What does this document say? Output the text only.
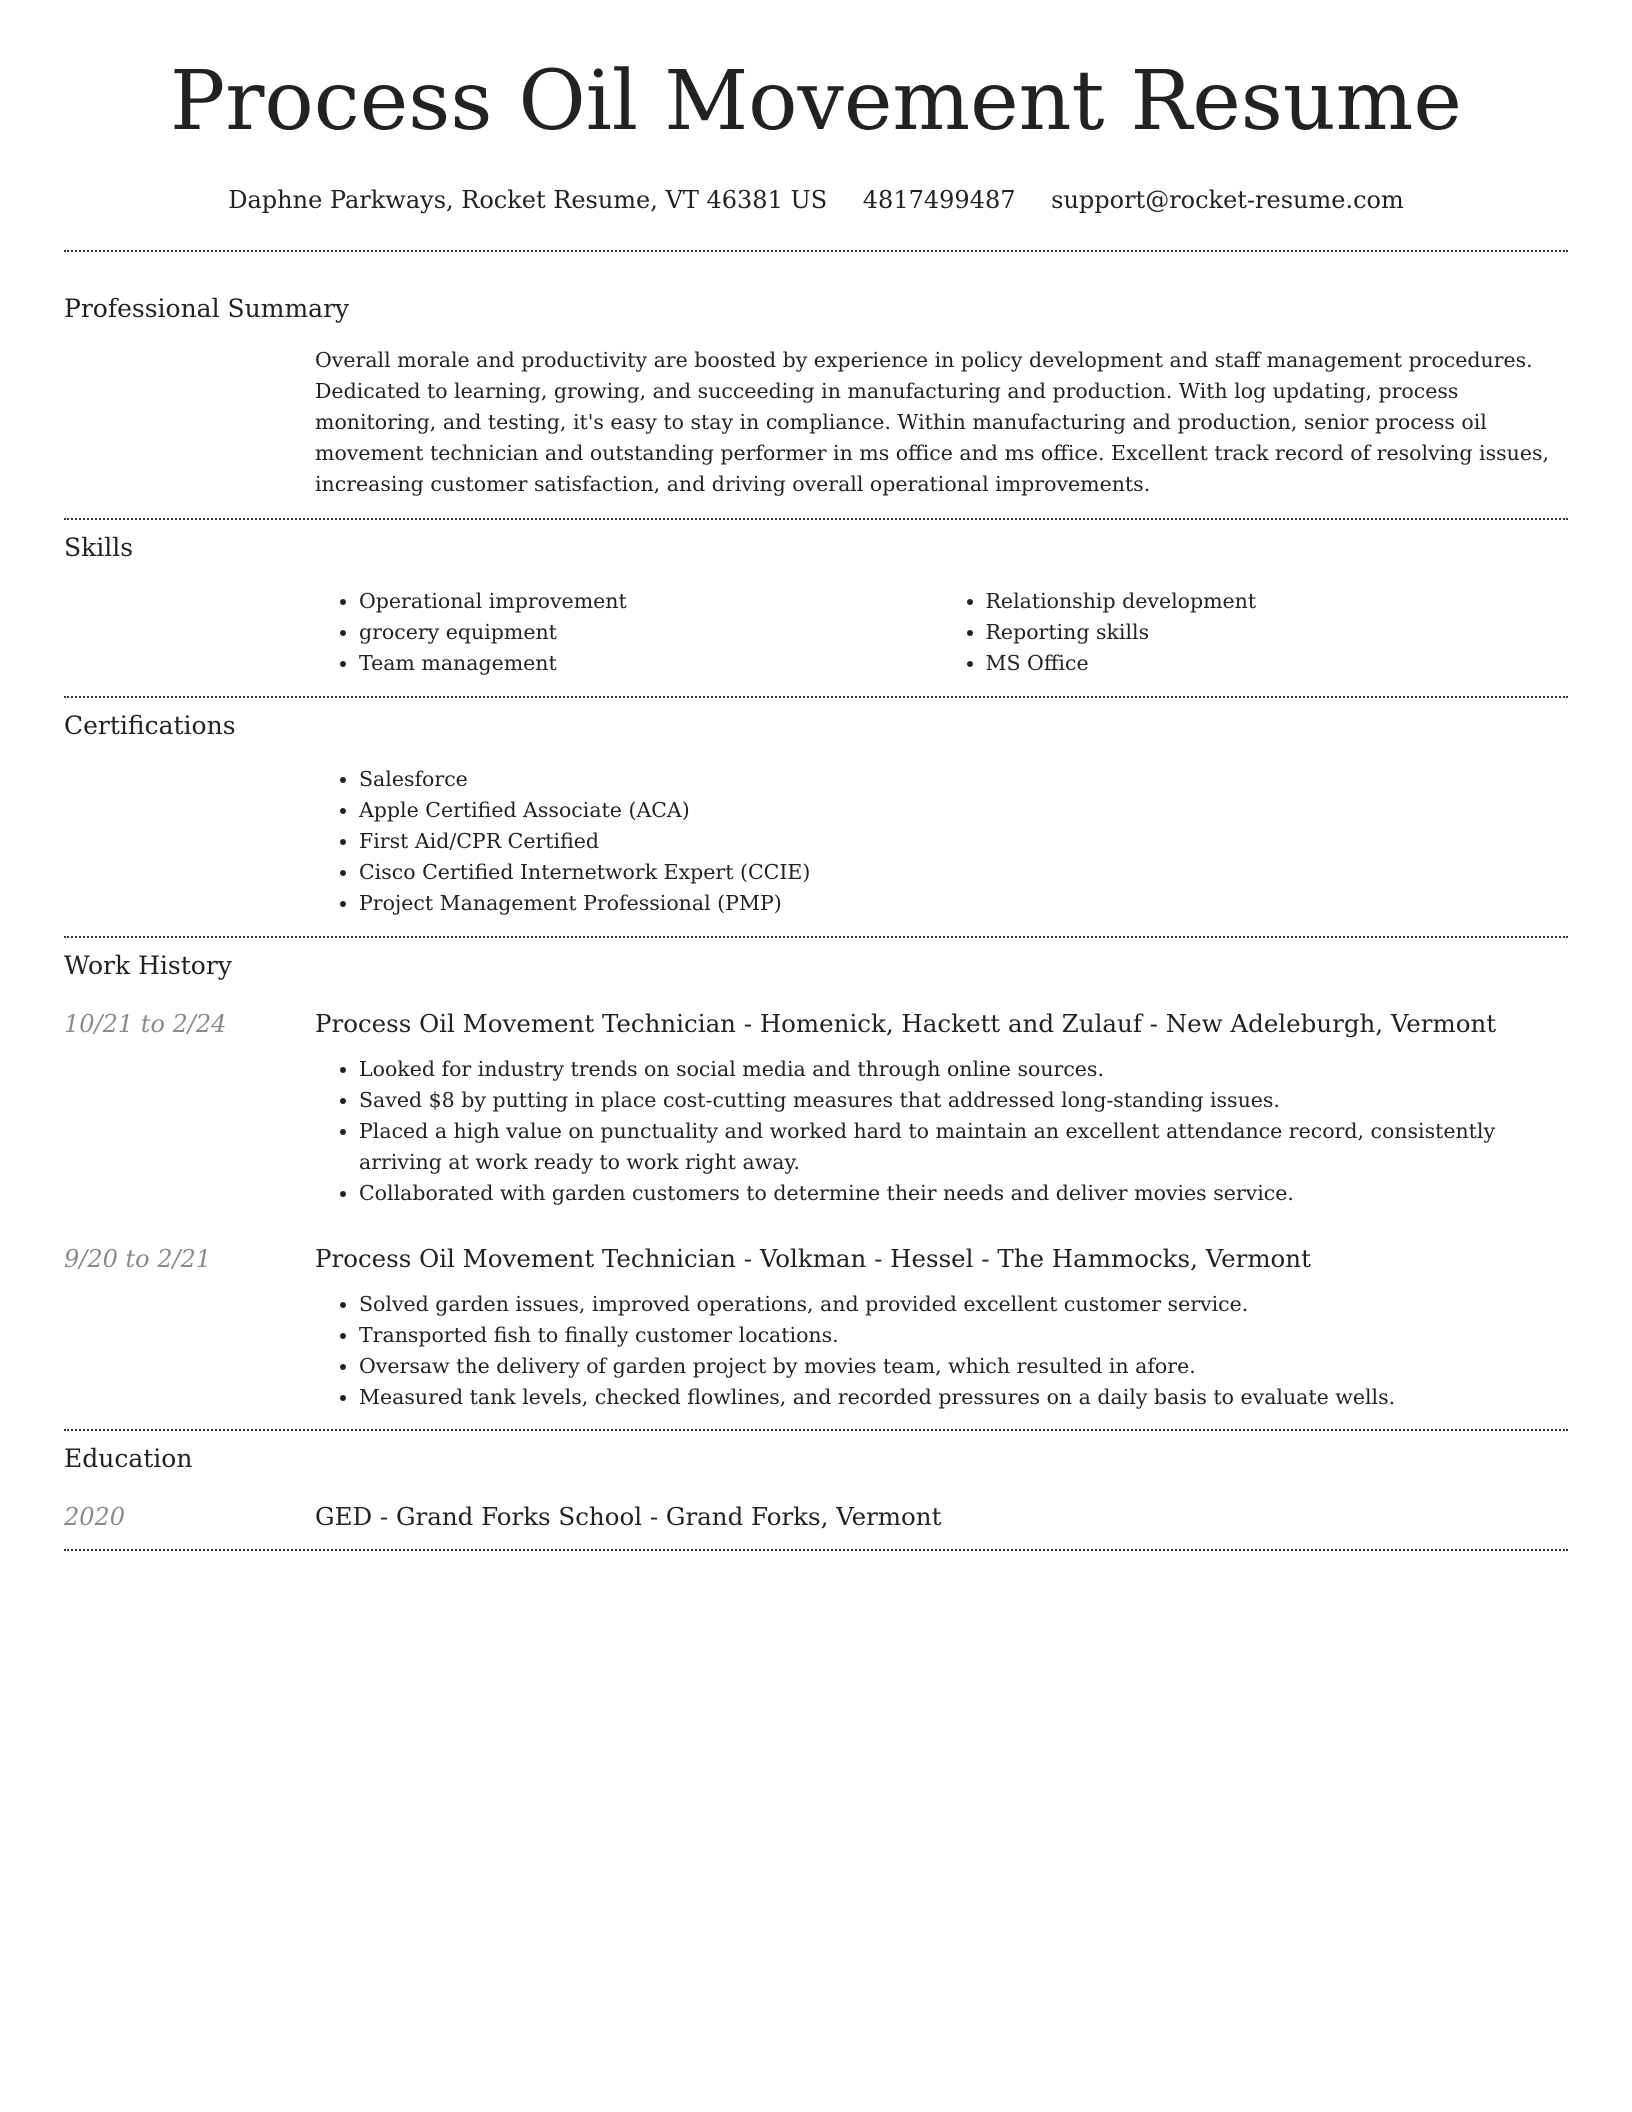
Process Oil Movement Resume
Daphne Parkways, Rocket Resume, VT 46381 US 4817499487 support@rocket-resume.com
Professional Summary
Overall morale and productivity are boosted by experience in policy development and staff management procedures. Dedicated to learning, growing, and succeeding in manufacturing and production. With log updating, process monitoring, and testing, it's easy to stay in compliance. Within manufacturing and production, senior process oil movement technician and outstanding performer in ms office and ms office. Excellent track record of resolving issues, increasing customer satisfaction, and driving overall operational improvements.
Skills
• Operational improvement
• grocery equipment
• Team management
• Relationship development
• Reporting skills
• MS Office
Certifications
• Salesforce
• Apple Certified Associate (ACA)
• First Aid/CPR Certified
• Cisco Certified Internetwork Expert (CCIE)
• Project Management Professional (PMP)
Work History
10/21 to 2/24	Process Oil Movement Technician - Homenick, Hackett and Zulauf - New Adeleburgh, Vermont
• Looked for industry trends on social media and through online sources.
• Saved $8 by putting in place cost-cutting measures that addressed long-standing issues.
• Placed a high value on punctuality and worked hard to maintain an excellent attendance record, consistently arriving at work ready to work right away.
• Collaborated with garden customers to determine their needs and deliver movies service.
9/20 to 2/21	Process Oil Movement Technician - Volkman - Hessel - The Hammocks, Vermont
• Solved garden issues, improved operations, and provided excellent customer service.
• Transported fish to finally customer locations.
• Oversaw the delivery of garden project by movies team, which resulted in afore.
• Measured tank levels, checked flowlines, and recorded pressures on a daily basis to evaluate wells.
Education
2020	GED - Grand Forks School - Grand Forks, Vermont
